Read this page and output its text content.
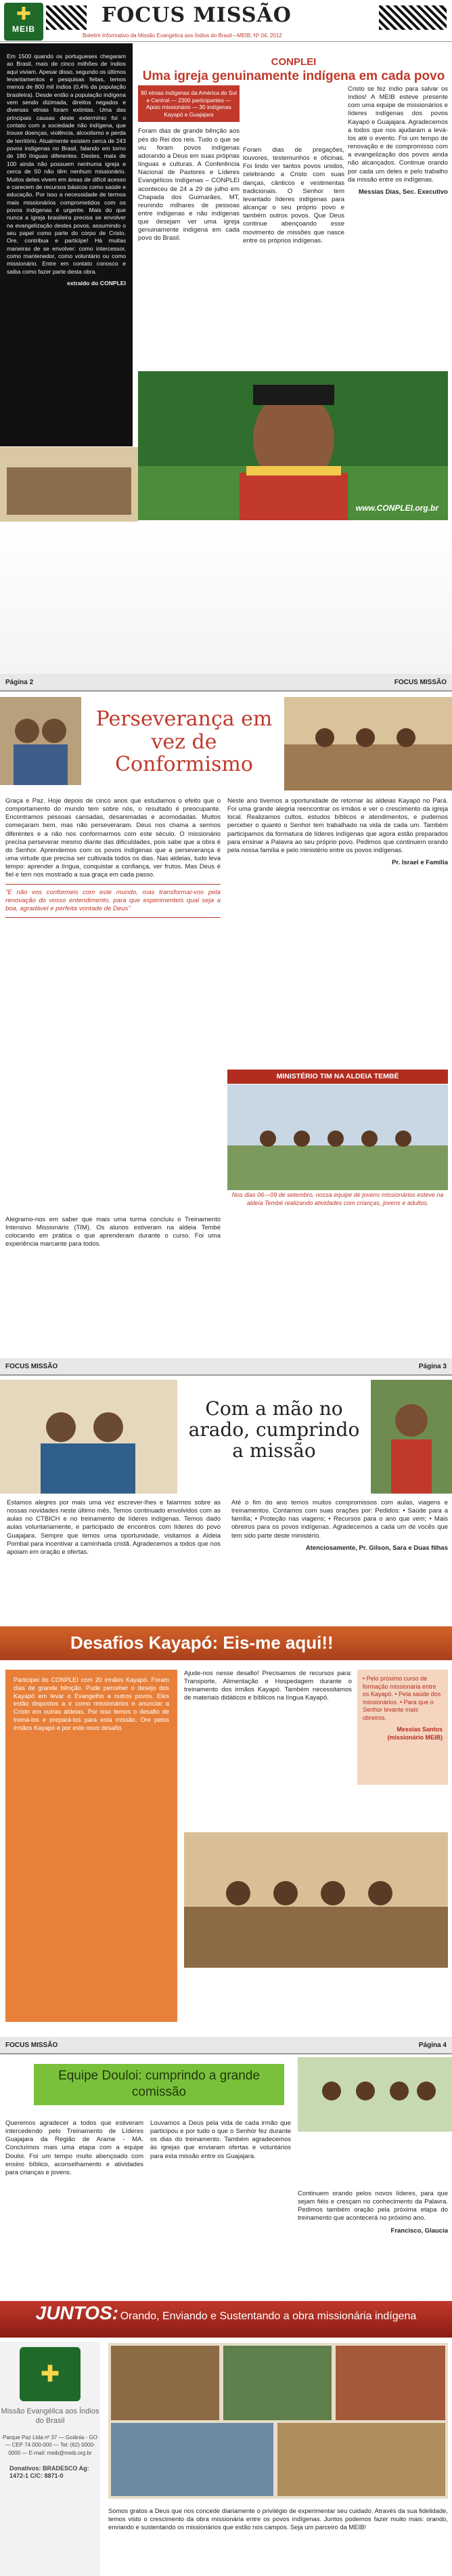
✚
MEIB
FOCUS MISSÃO
Boletim Informativo da Missão Evangélica aos Índios do Brasil—MEIB, Nº 04, 2012

Em 1500 quando os portugueses chegaram ao Brasil, mais de cinco milhões de índios aqui viviam. Apesar disso, segundo os últimos levantamentos e pesquisas feitas, temos menos de 800 mil índios (0,4% da população brasileira). Desde então a população indígena vem sendo dizimada, direitos negados e diversas etnias foram extintas. Uma das principais causas deste extermínio foi o contato com a sociedade não indígena, que trouxe doenças, violência, alcoolismo e perda de território. Atualmente existem cerca de 243 povos indígenas no Brasil, falando em torno de 180 línguas diferentes. Destes, mais de 100 ainda não possuem nenhuma igreja e cerca de 50 não têm nenhum missionário. Muitos deles vivem em áreas de difícil acesso e carecem de recursos básicos como saúde e educação. Por isso a necessidade de termos mais missionários comprometidos com os povos indígenas é urgente. Mais do que nunca a igreja brasileira precisa se envolver na evangelização destes povos, assumindo o seu papel como parte do corpo de Cristo. Ore, contribua e participe! Há muitas maneiras de se envolver: como intercessor, como mantenedor, como voluntário ou como missionário. Entre em contato conosco e saiba como fazer parte desta obra.

extraído do CONPLEI
CONPLEI
Uma igreja genuinamente indígena em cada povo
80 etnias indígenas da América do Sul e Central — 2300 participantes — Apoio missionário — 30 indígenas Kayapó e Guajajara

Foram dias de grande bênção aos pés do Rei dos reis. Tudo o que se viu foram povos indígenas adorando a Deus em suas próprias línguas e culturas. A Conferência Nacional de Pastores e Líderes Evangélicos Indígenas – CONPLEI aconteceu de 24 a 29 de julho em Chapada dos Guimarães, MT, reunindo milhares de pessoas entre indígenas e não indígenas que desejam ver uma igreja genuinamente indígena em cada povo do Brasil.

Foram dias de pregações, louvores, testemunhos e oficinas. Foi lindo ver tantos povos unidos, celebrando a Cristo com suas danças, cânticos e vestimentas tradicionais. O Senhor tem levantado líderes indígenas para alcançar o seu próprio povo e também outros povos. Que Deus continue abençoando esse movimento de missões que nasce entre os próprios indígenas.

Cristo se fez índio para salvar os índios! A MEIB esteve presente com uma equipe de missionários e líderes indígenas dos povos Kayapó e Guajajara. Agradecemos a todos que nos ajudaram a levá-los até o evento. Foi um tempo de renovação e de compromisso com a evangelização dos povos ainda não alcançados. Continue orando por cada um deles e pelo trabalho da missão entre os indígenas.

Messias Dias, Sec. Executivo
www.CONPLEI.org.br
Página 2	FOCUS MISSÃO
Perseverança em vez de Conformismo

Graça e Paz. Hoje depois de cinco anos que estudamos o efeito que o comportamento do mundo tem sobre nós, o resultado é preocupante. Encontramos pessoas cansadas, desanimadas e acomodadas. Muitos começaram bem, mas não perseveraram. Deus nos chama a sermos diferentes e a não nos conformarmos com este século. O missionário precisa perseverar mesmo diante das dificuldades, pois sabe que a obra é do Senhor. Aprendemos com os povos indígenas que a perseverança é uma virtude que precisa ser cultivada todos os dias. Nas aldeias, tudo leva tempo: aprender a língua, conquistar a confiança, ver frutos. Mas Deus é fiel e tem nos mostrado a sua graça em cada passo.

"E não vos conformeis com este mundo, mas transformai-vos pela renovação do vosso entendimento, para que experimenteis qual seja a boa, agradável e perfeita vontade de Deus"

Neste ano tivemos a oportunidade de retornar às aldeias Kayapó no Pará. Foi uma grande alegria reencontrar os irmãos e ver o crescimento da igreja local. Realizamos cultos, estudos bíblicos e atendimentos, e pudemos perceber o quanto o Senhor tem trabalhado na vida de cada um. Também participamos da formatura de líderes indígenas que agora estão preparados para ensinar a Palavra ao seu próprio povo. Pedimos que continuem orando pela nossa família e pelo ministério entre os povos indígenas.

Pr. Israel e Família
MINISTÉRIO TIM NA ALDEIA TEMBÉ
Nos dias 06—09 de setembro, nossa equipe de jovens missionários esteve na aldeia Tembé realizando atividades com crianças, jovens e adultos.

Alegramo-nos em saber que mais uma turma concluiu o Treinamento Intensivo Missionário (TIM). Os alunos estiveram na aldeia Tembé colocando em prática o que aprenderam durante o curso. Foi uma experiência marcante para todos.

FOCUS MISSÃO	Página 3
Com a mão no arado, cumprindo a missão

Estamos alegres por mais uma vez escrever-lhes e falarmos sobre as nossas novidades neste último mês. Temos continuado envolvidos com as aulas no CTBICH e no treinamento de líderes indígenas. Temos dado aulas voluntariamente, e participado de encontros com líderes do povo Guajajara. Sempre que temos uma oportunidade, visitamos a Aldeia Pombal para incentivar a caminhada cristã. Agradecemos a todos que nos apoiam em oração e ofertas.

Até o fim do ano temos muitos compromissos com aulas, viagens e treinamentos. Contamos com suas orações por: Pedidos: • Saúde para a família; • Proteção nas viagens; • Recursos para o ano que vem; • Mais obreiros para os povos indígenas. Agradecemos a cada um de vocês que tem sido parte deste ministério.

Atenciosamente, Pr. Gilson, Sara e Duas filhas
Desafios Kayapó: Eis-me aqui!!

Participei do CONPLEI com 20 irmãos Kayapó. Foram dias de grande bênção. Pude perceber o desejo dos Kayapó em levar o Evangelho a outros povos. Eles estão dispostos a ir como missionários e anunciar a Cristo em outras aldeias. Por isso temos o desafio de treiná-los e prepará-los para esta missão. Ore pelos irmãos Kayapó e por este novo desafio.

Ajude-nos nesse desafio! Precisamos de recursos para: Transporte, Alimentação e Hospedagem durante o treinamento dos irmãos Kayapó. Também necessitamos de materiais didáticos e bíblicos na língua Kayapó.

• Pelo próximo curso de formação missionária entre os Kayapó. • Pela saúde dos missionários. • Para que o Senhor levante mais obreiros.

Messias Santos (missionário MEIB)
FOCUS MISSÃO	Página 4
Equipe Douloi: cumprindo a grande comissão

Queremos agradecer a todos que estiveram intercedendo pelo Treinamento de Líderes Guajajara da Região de Arame - MA. Concluímos mais uma etapa com a equipe Douloi. Foi um tempo muito abençoado com ensino bíblico, aconselhamento e atividades para crianças e jovens.

Louvamos a Deus pela vida de cada irmão que participou e por tudo o que o Senhor fez durante os dias do treinamento. Também agradecemos às igrejas que enviaram ofertas e voluntários para esta missão entre os Guajajara.

Continuem orando pelos novos líderes, para que sejam fiéis e cresçam no conhecimento da Palavra. Pedimos também oração pela próxima etapa do treinamento que acontecerá no próximo ano.

Francisco, Glaucia
JUNTOS: Orando, Enviando e Sustentando a obra missionária indígena
✚
Missão Evangélica aos Índios do Brasil
Parque Paz Ltda nº 37 — Goiânia - GO — CEP 74 000-000 — Tel: (62) 0000-0000 — E-mail: meib@meib.org.br
Donativos: BRADESCO Ag: 1472-1 C/C: 8871-0

Somos gratos a Deus que nos concede diariamente o privilégio de experimentar seu cuidado. Através da sua fidelidade, temos visto o crescimento da obra missionária entre os povos indígenas. Juntos podemos fazer muito mais: orando, enviando e sustentando os missionários que estão nos campos. Seja um parceiro da MEIB!
